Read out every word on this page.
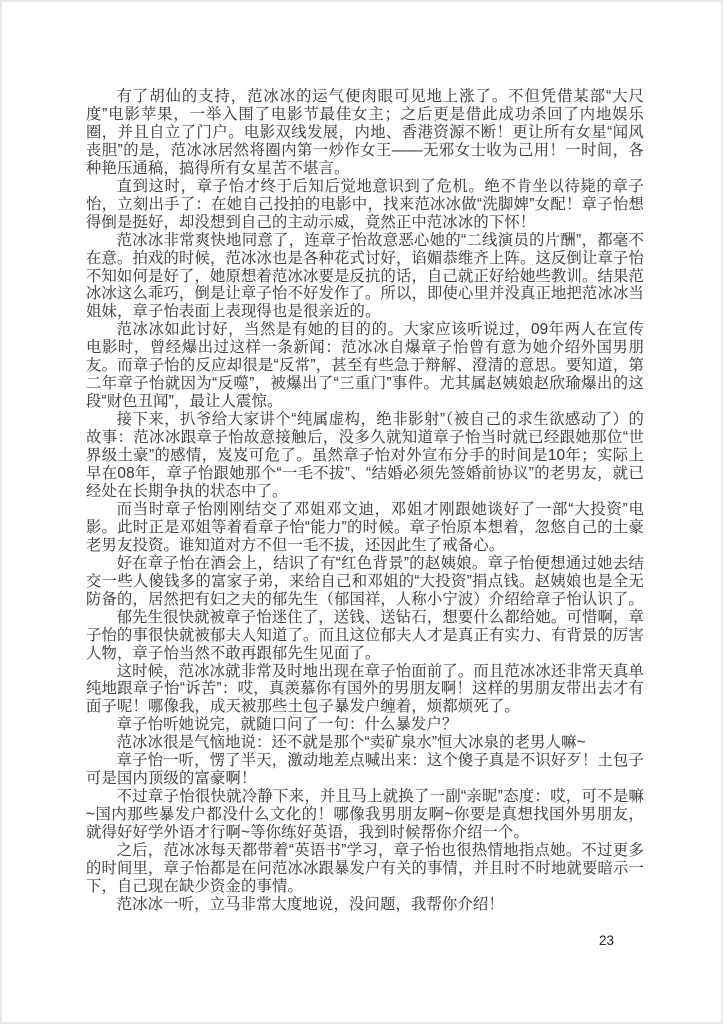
有了胡仙的支持，范冰冰的运气便肉眼可见地上涨了。不但凭借某部“大尺度”电影苹果，一举入围了电影节最佳女主；之后更是借此成功杀回了内地娱乐圈，并且自立了门户。电影双线发展，内地、香港资源不断！更让所有女星“闻风丧胆”的是，范冰冰居然将圈内第一炒作女王——无邪女士收为己用！一时间，各种艳压通稿，搞得所有女星苦不堪言。

直到这时，章子怡才终于后知后觉地意识到了危机。绝不肯坐以待毙的章子怡，立刻出手了：在她自己投拍的电影中，找来范冰冰做“洗脚婢”女配！章子怡想得倒是挺好，却没想到自己的主动示威，竟然正中范冰冰的下怀！

范冰冰非常爽快地同意了，连章子怡故意恶心她的“二线演员的片酬”，都毫不在意。拍戏的时候，范冰冰也是各种花式讨好，谄媚恭维齐上阵。这反倒让章子怡不知如何是好了，她原想着范冰冰要是反抗的话，自己就正好给她些教训。结果范冰冰这么乖巧，倒是让章子怡不好发作了。所以，即使心里并没真正地把范冰冰当姐妹，章子怡表面上表现得也是很亲近的。

范冰冰如此讨好，当然是有她的目的的。大家应该听说过，09年两人在宣传电影时，曾经爆出过这样一条新闻：范冰冰自爆章子怡曾有意为她介绍外国男朋友。而章子怡的反应却很是“反常”，甚至有些急于辩解、澄清的意思。要知道，第二年章子怡就因为“反噬”，被爆出了“三重门”事件。尤其属赵姨娘赵欣瑜爆出的这段“财色丑闻”，最让人震惊。

接下来，扒爷给大家讲个“纯属虚构，绝非影射”（被自己的求生欲感动了）的故事：范冰冰跟章子怡故意接触后，没多久就知道章子怡当时就已经跟她那位“世界级土豪”的感情，岌岌可危了。虽然章子怡对外宣布分手的时间是10年；实际上早在08年，章子怡跟她那个“一毛不拔”、“结婚必须先签婚前协议”的老男友，就已经处在长期争执的状态中了。

而当时章子怡刚刚结交了邓姐邓文迪，邓姐才刚跟她谈好了一部“大投资”电影。此时正是邓姐等着看章子怡“能力”的时候。章子怡原本想着，忽悠自己的土豪老男友投资。谁知道对方不但一毛不拔，还因此生了戒备心。

好在章子怡在酒会上，结识了有“红色背景”的赵姨娘。章子怡便想通过她去结交一些人傻钱多的富家子弟，来给自己和邓姐的“大投资”捐点钱。赵姨娘也是全无防备的，居然把有妇之夫的郁先生（郁国祥，人称小宁波）介绍给章子怡认识了。

郁先生很快就被章子怡迷住了，送钱、送钻石，想要什么都给她。可惜啊，章子怡的事很快就被郁夫人知道了。而且这位郁夫人才是真正有实力、有背景的厉害人物，章子怡当然不敢再跟郁先生见面了。

这时候，范冰冰就非常及时地出现在章子怡面前了。而且范冰冰还非常天真单纯地跟章子怡“诉苦”：哎，真羡慕你有国外的男朋友啊！这样的男朋友带出去才有面子呢！哪像我，成天被那些土包子暴发户缠着，烦都烦死了。

章子怡听她说完，就随口问了一句：什么暴发户？

范冰冰很是气恼地说：还不就是那个“卖矿泉水”恒大冰泉的老男人嘛~

章子怡一听，愣了半天，激动地差点喊出来：这个傻子真是不识好歹！土包子可是国内顶级的富豪啊！

不过章子怡很快就冷静下来，并且马上就换了一副“亲昵”态度：哎，可不是嘛~国内那些暴发户都没什么文化的！哪像我男朋友啊~你要是真想找国外男朋友，就得好好学外语才行啊~等你练好英语，我到时候帮你介绍一个。

之后，范冰冰每天都带着“英语书”学习，章子怡也很热情地指点她。不过更多的时间里，章子怡都是在问范冰冰跟暴发户有关的事情，并且时不时地就要暗示一下，自己现在缺少资金的事情。

范冰冰一听，立马非常大度地说，没问题，我帮你介绍！

23
